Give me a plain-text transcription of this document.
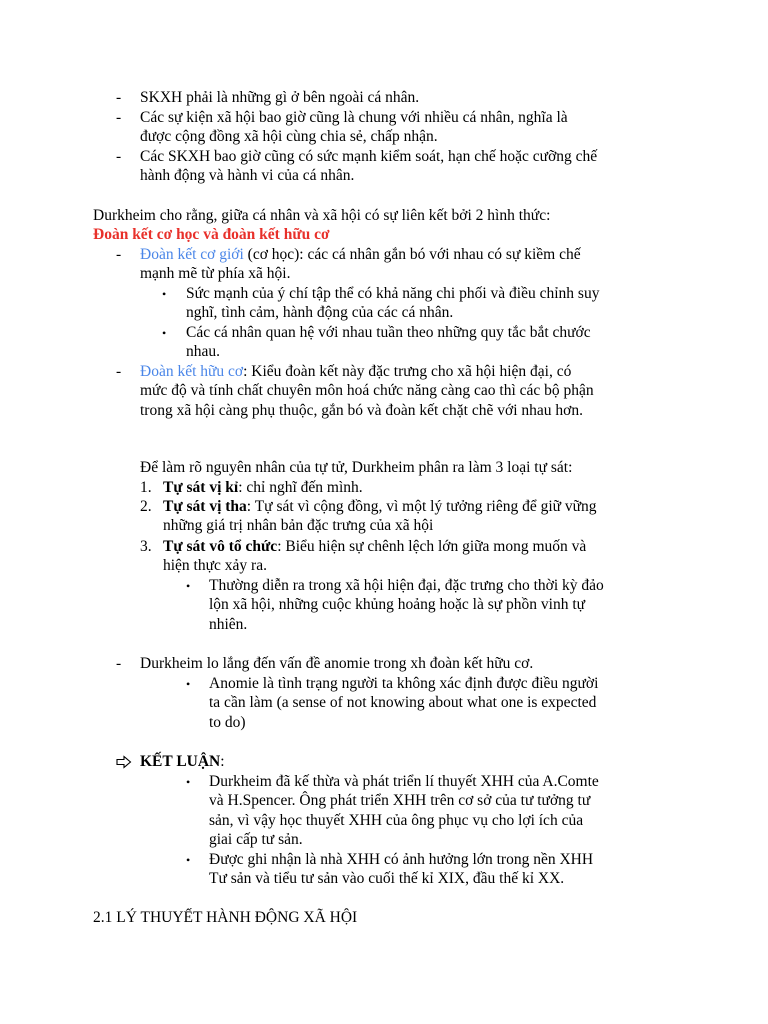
- SKXH phải là những gì ở bên ngoài cá nhân.
- Các sự kiện xã hội bao giờ cũng là chung với nhiều cá nhân, nghĩa là
được cộng đồng xã hội cùng chia sẻ, chấp nhận.
- Các SKXH bao giờ cũng có sức mạnh kiểm soát, hạn chế hoặc cưỡng chế
hành động và hành vi của cá nhân.
Durkheim cho rằng, giữa cá nhân và xã hội có sự liên kết bởi 2 hình thức:
Đoàn kết cơ học và đoàn kết hữu cơ
- Đoàn kết cơ giới (cơ học): các cá nhân gắn bó với nhau có sự kiềm chế
mạnh mẽ từ phía xã hội.
• Sức mạnh của ý chí tập thể có khả năng chi phối và điều chỉnh suy
nghĩ, tình cảm, hành động của các cá nhân.
• Các cá nhân quan hệ với nhau tuần theo những quy tắc bắt chước
nhau.
- Đoàn kết hữu cơ: Kiểu đoàn kết này đặc trưng cho xã hội hiện đại, có
mức độ và tính chất chuyên môn hoá chức năng càng cao thì các bộ phận
trong xã hội càng phụ thuộc, gắn bó và đoàn kết chặt chẽ với nhau hơn.
Để làm rõ nguyên nhân của tự tử, Durkheim phân ra làm 3 loại tự sát:
1. Tự sát vị kỉ: chỉ nghĩ đến mình.
2. Tự sát vị tha: Tự sát vì cộng đồng, vì một lý tưởng riêng để giữ vững
những giá trị nhân bản đặc trưng của xã hội
3. Tự sát vô tổ chức: Biểu hiện sự chênh lệch lớn giữa mong muốn và
hiện thực xảy ra.
• Thường diễn ra trong xã hội hiện đại, đặc trưng cho thời kỳ đảo
lộn xã hội, những cuộc khủng hoảng hoặc là sự phồn vinh tự
nhiên.
- Durkheim lo lắng đến vấn đề anomie trong xh đoàn kết hữu cơ.
• Anomie là tình trạng người ta không xác định được điều người
ta cần làm (a sense of not knowing about what one is expected
to do)
KẾT LUẬN:
• Durkheim đã kế thừa và phát triển lí thuyết XHH của A.Comte
và H.Spencer. Ông phát triển XHH trên cơ sở của tư tưởng tư
sản, vì vậy học thuyết XHH của ông phục vụ cho lợi ích của
giai cấp tư sản.
• Được ghi nhận là nhà XHH có ảnh hưởng lớn trong nền XHH
Tư sản và tiểu tư sản vào cuối thế kỉ XIX, đầu thế kỉ XX.
2.1 LÝ THUYẾT HÀNH ĐỘNG XÃ HỘI
